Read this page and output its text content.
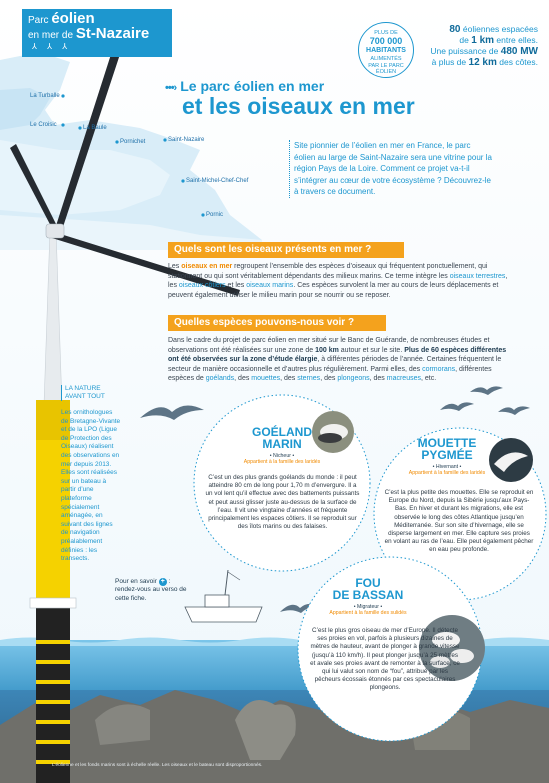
Parc éolien
en mer de St-Nazaire
⅄ ⅄ ⅄
PLUS DE
700 000
HABITANTS
ALIMENTÉS
PAR LE PARC
ÉOLIEN
80 éoliennes espacées
de 1 km entre elles.
Une puissance de 480 MW
à plus de 12 km des côtes.
•••› Le parc éolien en mer
et les oiseaux en mer
La Turballe
Le Croisic	La Baule
Pornichet	Saint-Nazaire
Saint-Michel-Chef-Chef
Pornic
Site pionnier de l’éolien en mer en France, le parc éolien au large de Saint-Nazaire sera une vitrine pour la région Pays de la Loire. Comment ce projet va-t-il s’intégrer au cœur de votre écosystème ? Découvrez-le à travers ce document.
Quels sont les oiseaux présents en mer ?
Les oiseaux en mer regroupent l’ensemble des espèces d’oiseaux qui fréquentent ponctuellement, qui stationnent ou qui sont véritablement dépendants des milieux marins. Ce terme intègre les oiseaux terrestres, les oiseaux côtiers et les oiseaux marins. Ces espèces survolent la mer au cours de leurs déplacements et peuvent également utiliser le milieu marin pour se nourrir ou se reposer.
Quelles espèces pouvons-nous voir ?
Dans le cadre du projet de parc éolien en mer situé sur le Banc de Guérande, de nombreuses études et observations ont été réalisées sur une zone de 100 km autour et sur le site. Plus de 60 espèces différentes ont été observées sur la zone d’étude élargie, à différentes périodes de l’année. Certaines fréquentent le secteur de manière occasionnelle et d’autres plus régulièrement. Parmi elles, des cormorans, différentes espèces de goélands, des mouettes, des sternes, des plongeons, des macreuses, etc.
LA NATURE AVANT TOUT
Les ornithologues de Bretagne-Vivante et de la LPO (Ligue de Protection des Oiseaux) réalisent des observations en mer depuis 2013. Elles sont réalisées sur un bateau à partir d’une plateforme spécialement aménagée, en suivant des lignes de navigation préalablement définies : les transects.
Pour en savoir + : rendez-vous au verso de cette fiche.
GOÉLAND
MARIN
• Nicheur •
Appartient à la famille des laridés
C’est un des plus grands goélands du monde : il peut atteindre 80 cm de long pour 1,70 m d’envergure. Il a un vol lent qu’il effectue avec des battements puissants et peut aussi glisser juste au-dessus de la surface de l’eau. Il vit une vingtaine d’années et fréquente principalement les espaces côtiers. Il se reproduit sur des îlots marins ou des falaises.
MOUETTE
PYGMÉE
• Hivernant •
Appartient à la famille des laridés
C’est la plus petite des mouettes. Elle se reproduit en Europe du Nord, depuis la Sibérie jusqu’aux Pays-Bas. En hiver et durant les migrations, elle est observée le long des côtes Atlantique jusqu’en Méditerranée. Sur son site d’hivernage, elle se disperse largement en mer. Elle capture ses proies en volant au ras de l’eau. Elle peut également pêcher en eau peu profonde.
FOU
DE BASSAN
• Migrateur •
Appartient à la famille des sulidés
C’est le plus gros oiseau de mer d’Europe. Il détecte ses proies en vol, parfois à plusieurs dizaines de mètres de hauteur, avant de plonger à grande vitesse (jusqu’à 110 km/h). Il peut plonger jusqu’à 25 mètres et avale ses proies avant de remonter à la surface, ce qui lui valut son nom de “fou”, attribué par les pêcheurs écossais étonnés par ces spectaculaires plongeons.
L’éolienne et les fonds marins sont à échelle réelle. Les oiseaux et le bateau sont disproportionnés.
